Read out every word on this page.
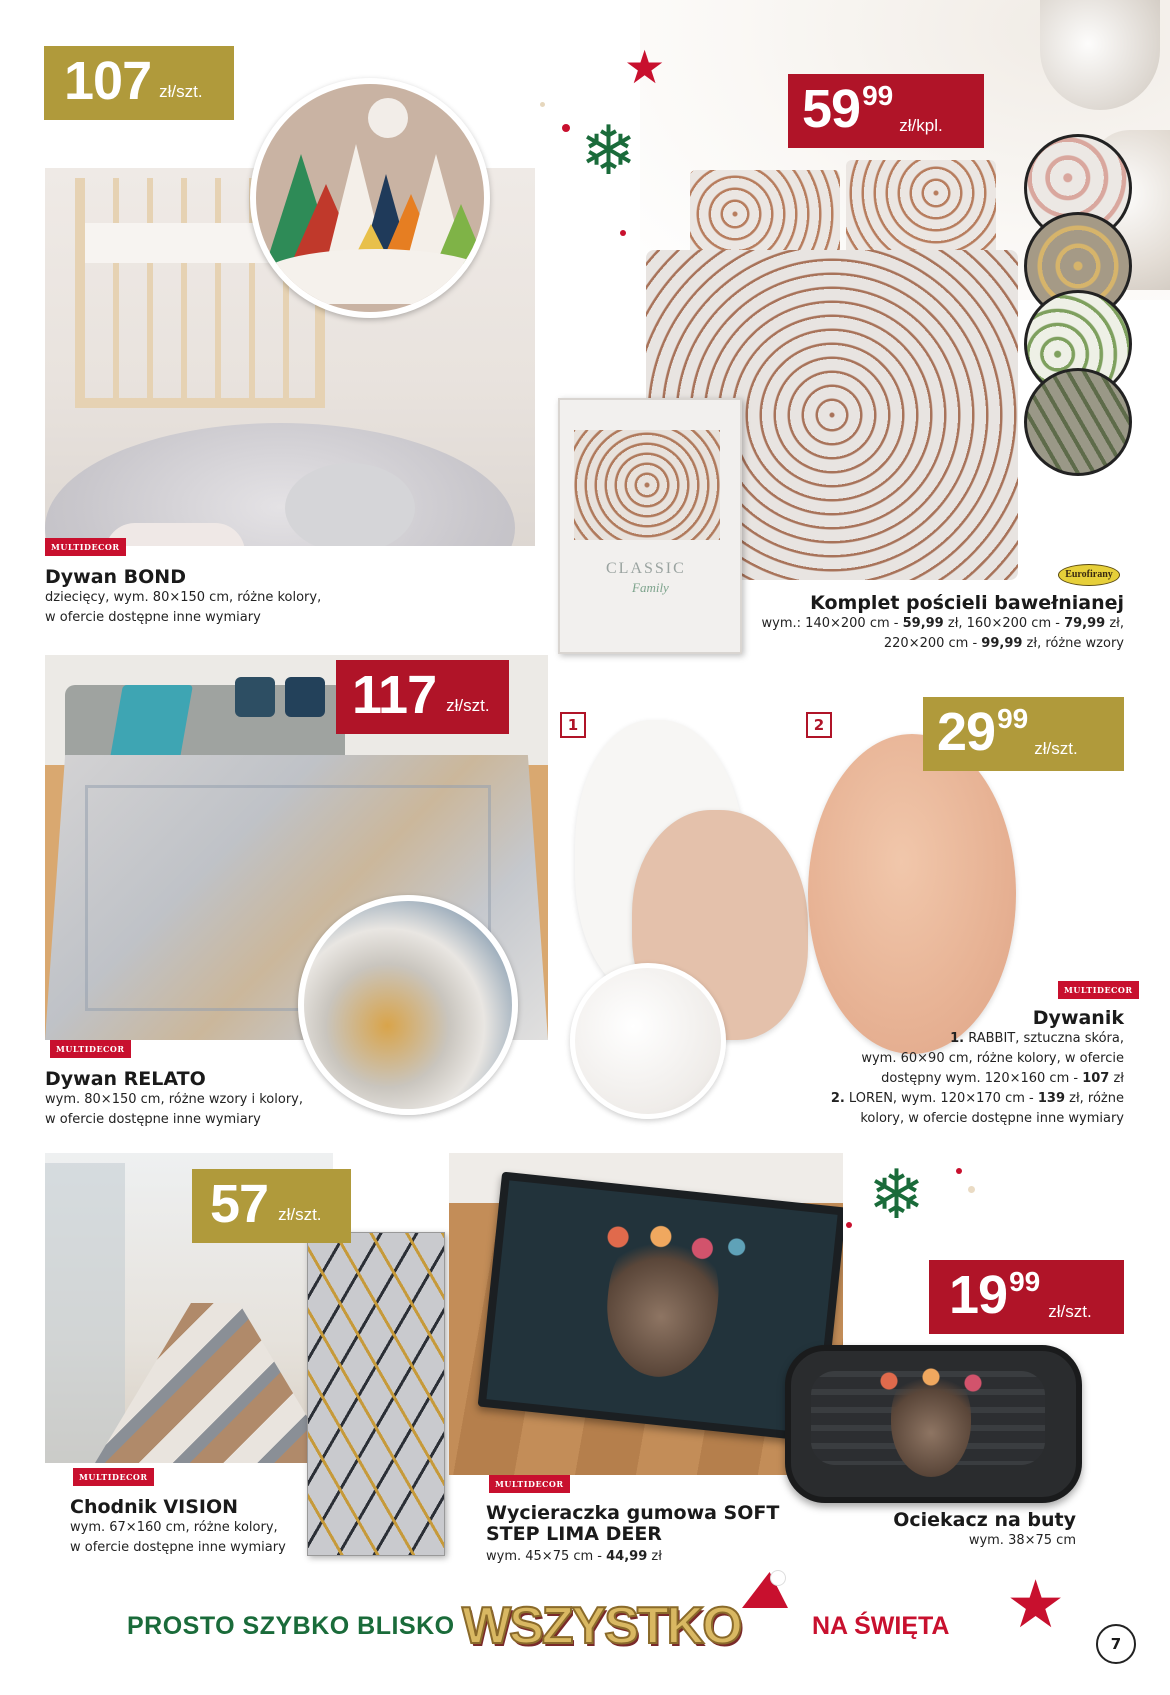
★
❄
❄
107 zł/szt.
MULTIDECOR
Dywan BOND
dziecięcy, wym. 80×150 cm, różne kolory,
w ofercie dostępne inne wymiary
59 99
zł/kpl.
CLASSIC
Family
Eurofirany
Komplet pościeli bawełnianej
wym.: 140×200 cm - 59,99 zł, 160×200 cm - 79,99 zł,
220×200 cm - 99,99 zł, różne wzory
117 zł/szt.
MULTIDECOR
Dywan RELATO
wym. 80×150 cm, różne wzory i kolory,
w ofercie dostępne inne wymiary
1	2 29 99
zł/szt.
MULTIDECOR
Dywanik
1. RABBIT, sztuczna skóra,
wym. 60×90 cm, różne kolory, w ofercie
dostępny wym. 120×160 cm - 107 zł
2. LOREN, wym. 120×170 cm - 139 zł, różne
kolory, w ofercie dostępne inne wymiary
57 zł/szt.
MULTIDECOR
Chodnik VISION
wym. 67×160 cm, różne kolory,
w ofercie dostępne inne wymiary
MULTIDECOR
Wycieraczka gumowa SOFT
STEP LIMA DEER
wym. 45×75 cm - 44,99 zł
19 99
zł/szt.
Ociekacz na buty
wym. 38×75 cm
PROSTO SZYBKO BLISKO WSZYSTKO	NA ŚWIĘTA ★
7
